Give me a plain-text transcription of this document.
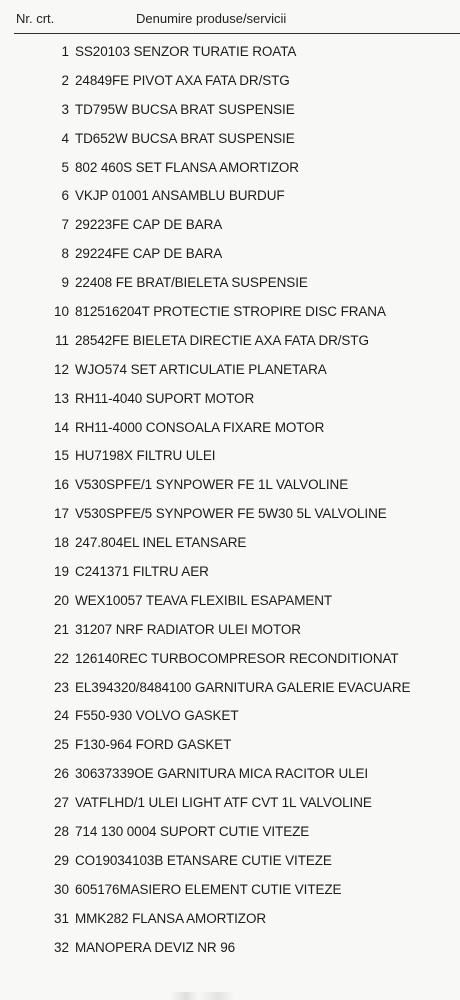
Nr. crt.	Denumire produse/servicii
1 SS20103 SENZOR TURATIE ROATA
2 24849FE PIVOT AXA FATA DR/STG
3 TD795W BUCSA BRAT SUSPENSIE
4 TD652W BUCSA BRAT SUSPENSIE
5 802 460S SET FLANSA AMORTIZOR
6 VKJP 01001 ANSAMBLU BURDUF
7 29223FE CAP DE BARA
8 29224FE CAP DE BARA
9 22408 FE BRAT/BIELETA SUSPENSIE
10 812516204T PROTECTIE STROPIRE DISC FRANA
11 28542FE BIELETA DIRECTIE AXA FATA DR/STG
12 WJO574 SET ARTICULATIE PLANETARA
13 RH11-4040 SUPORT MOTOR
14 RH11-4000 CONSOALA FIXARE MOTOR
15 HU7198X FILTRU ULEI
16 V530SPFE/1 SYNPOWER FE 1L VALVOLINE
17 V530SPFE/5 SYNPOWER FE 5W30 5L VALVOLINE
18 247.804EL INEL ETANSARE
19 C241371 FILTRU AER
20 WEX10057 TEAVA FLEXIBIL ESAPAMENT
21 31207 NRF RADIATOR ULEI MOTOR
22 126140REC TURBOCOMPRESOR RECONDITIONAT
23 EL394320/8484100 GARNITURA GALERIE EVACUARE
24 F550-930 VOLVO GASKET
25 F130-964 FORD GASKET
26 30637339OE GARNITURA MICA RACITOR ULEI
27 VATFLHD/1 ULEI LIGHT ATF CVT 1L VALVOLINE
28 714 130 0004 SUPORT CUTIE VITEZE
29 CO19034103B ETANSARE CUTIE VITEZE
30 605176MASIERO ELEMENT CUTIE VITEZE
31 MMK282 FLANSA AMORTIZOR
32 MANOPERA DEVIZ NR 96
